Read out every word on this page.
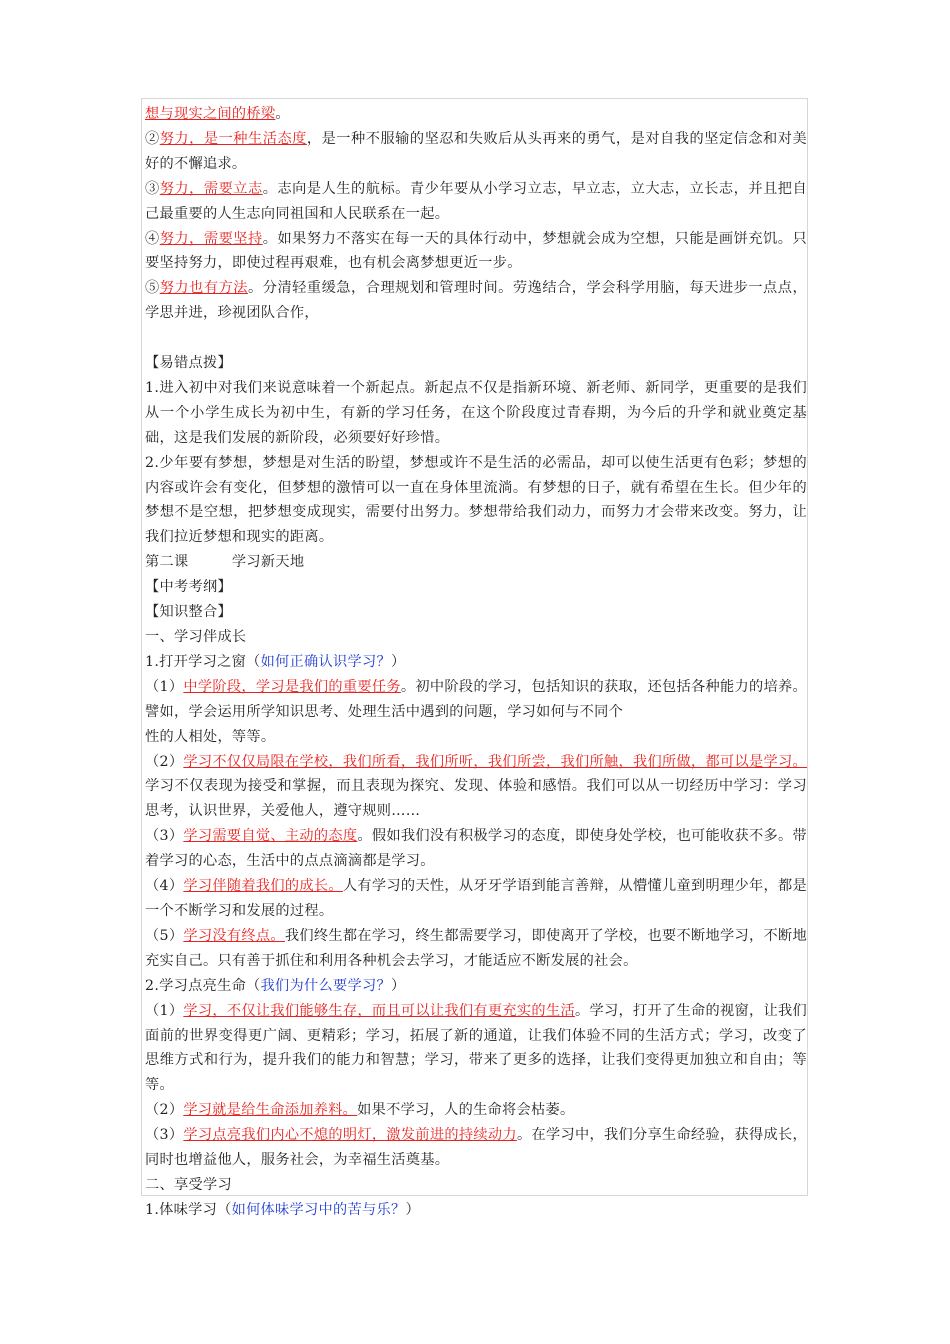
想与现实之间的桥梁。

②努力，是一种生活态度，是一种不服输的坚忍和失败后从头再来的勇气，是对自我的坚定信念和对美好的不懈追求。

③努力，需要立志。志向是人生的航标。青少年要从小学习立志，早立志，立大志，立长志，并且把自己最重要的人生志向同祖国和人民联系在一起。

④努力，需要坚持。如果努力不落实在每一天的具体行动中，梦想就会成为空想，只能是画饼充饥。只要坚持努力，即使过程再艰难，也有机会离梦想更近一步。

⑤努力也有方法。分清轻重缓急，合理规划和管理时间。劳逸结合，学会科学用脑，每天进步一点点，学思并进，珍视团队合作，

【易错点拨】

1.进入初中对我们来说意味着一个新起点。新起点不仅是指新环境、新老师、新同学，更重要的是我们从一个小学生成长为初中生，有新的学习任务，在这个阶段度过青春期，为今后的升学和就业奠定基础，这是我们发展的新阶段，必须要好好珍惜。

2.少年要有梦想，梦想是对生活的盼望，梦想或许不是生活的必需品，却可以使生活更有色彩；梦想的内容或许会有变化，但梦想的激情可以一直在身体里流淌。有梦想的日子，就有希望在生长。但少年的梦想不是空想，把梦想变成现实，需要付出努力。梦想带给我们动力，而努力才会带来改变。努力，让我们拉近梦想和现实的距离。

第二课　　　学习新天地

【中考考纲】

【知识整合】

一、学习伴成长

1.打开学习之窗（如何正确认识学习？）

（1）中学阶段，学习是我们的重要任务。初中阶段的学习，包括知识的获取，还包括各种能力的培养。譬如，学会运用所学知识思考、处理生活中遇到的问题，学习如何与不同个

性的人相处，等等。

（2）学习不仅仅局限在学校，我们所看，我们所听，我们所尝，我们所触，我们所做，都可以是学习。学习不仅表现为接受和掌握，而且表现为探究、发现、体验和感悟。我们可以从一切经历中学习：学习思考，认识世界，关爱他人，遵守规则……

（3）学习需要自觉、主动的态度。假如我们没有积极学习的态度，即使身处学校，也可能收获不多。带着学习的心态，生活中的点点滴滴都是学习。

（4）学习伴随着我们的成长。人有学习的天性，从牙牙学语到能言善辩，从懵懂儿童到明理少年，都是一个不断学习和发展的过程。

（5）学习没有终点。我们终生都在学习，终生都需要学习，即使离开了学校，也要不断地学习，不断地充实自己。只有善于抓住和利用各种机会去学习，才能适应不断发展的社会。

2.学习点亮生命（我们为什么要学习？）

（1）学习，不仅让我们能够生存，而且可以让我们有更充实的生活。学习，打开了生命的视窗，让我们面前的世界变得更广阔、更精彩；学习，拓展了新的通道，让我们体验不同的生活方式；学习，改变了思维方式和行为，提升我们的能力和智慧；学习，带来了更多的选择，让我们变得更加独立和自由；等等。

（2）学习就是给生命添加养料。如果不学习，人的生命将会枯萎。

（3）学习点亮我们内心不熄的明灯，激发前进的持续动力。在学习中，我们分享生命经验，获得成长，同时也增益他人，服务社会，为幸福生活奠基。

二、享受学习

1.体味学习（如何体味学习中的苦与乐？）
